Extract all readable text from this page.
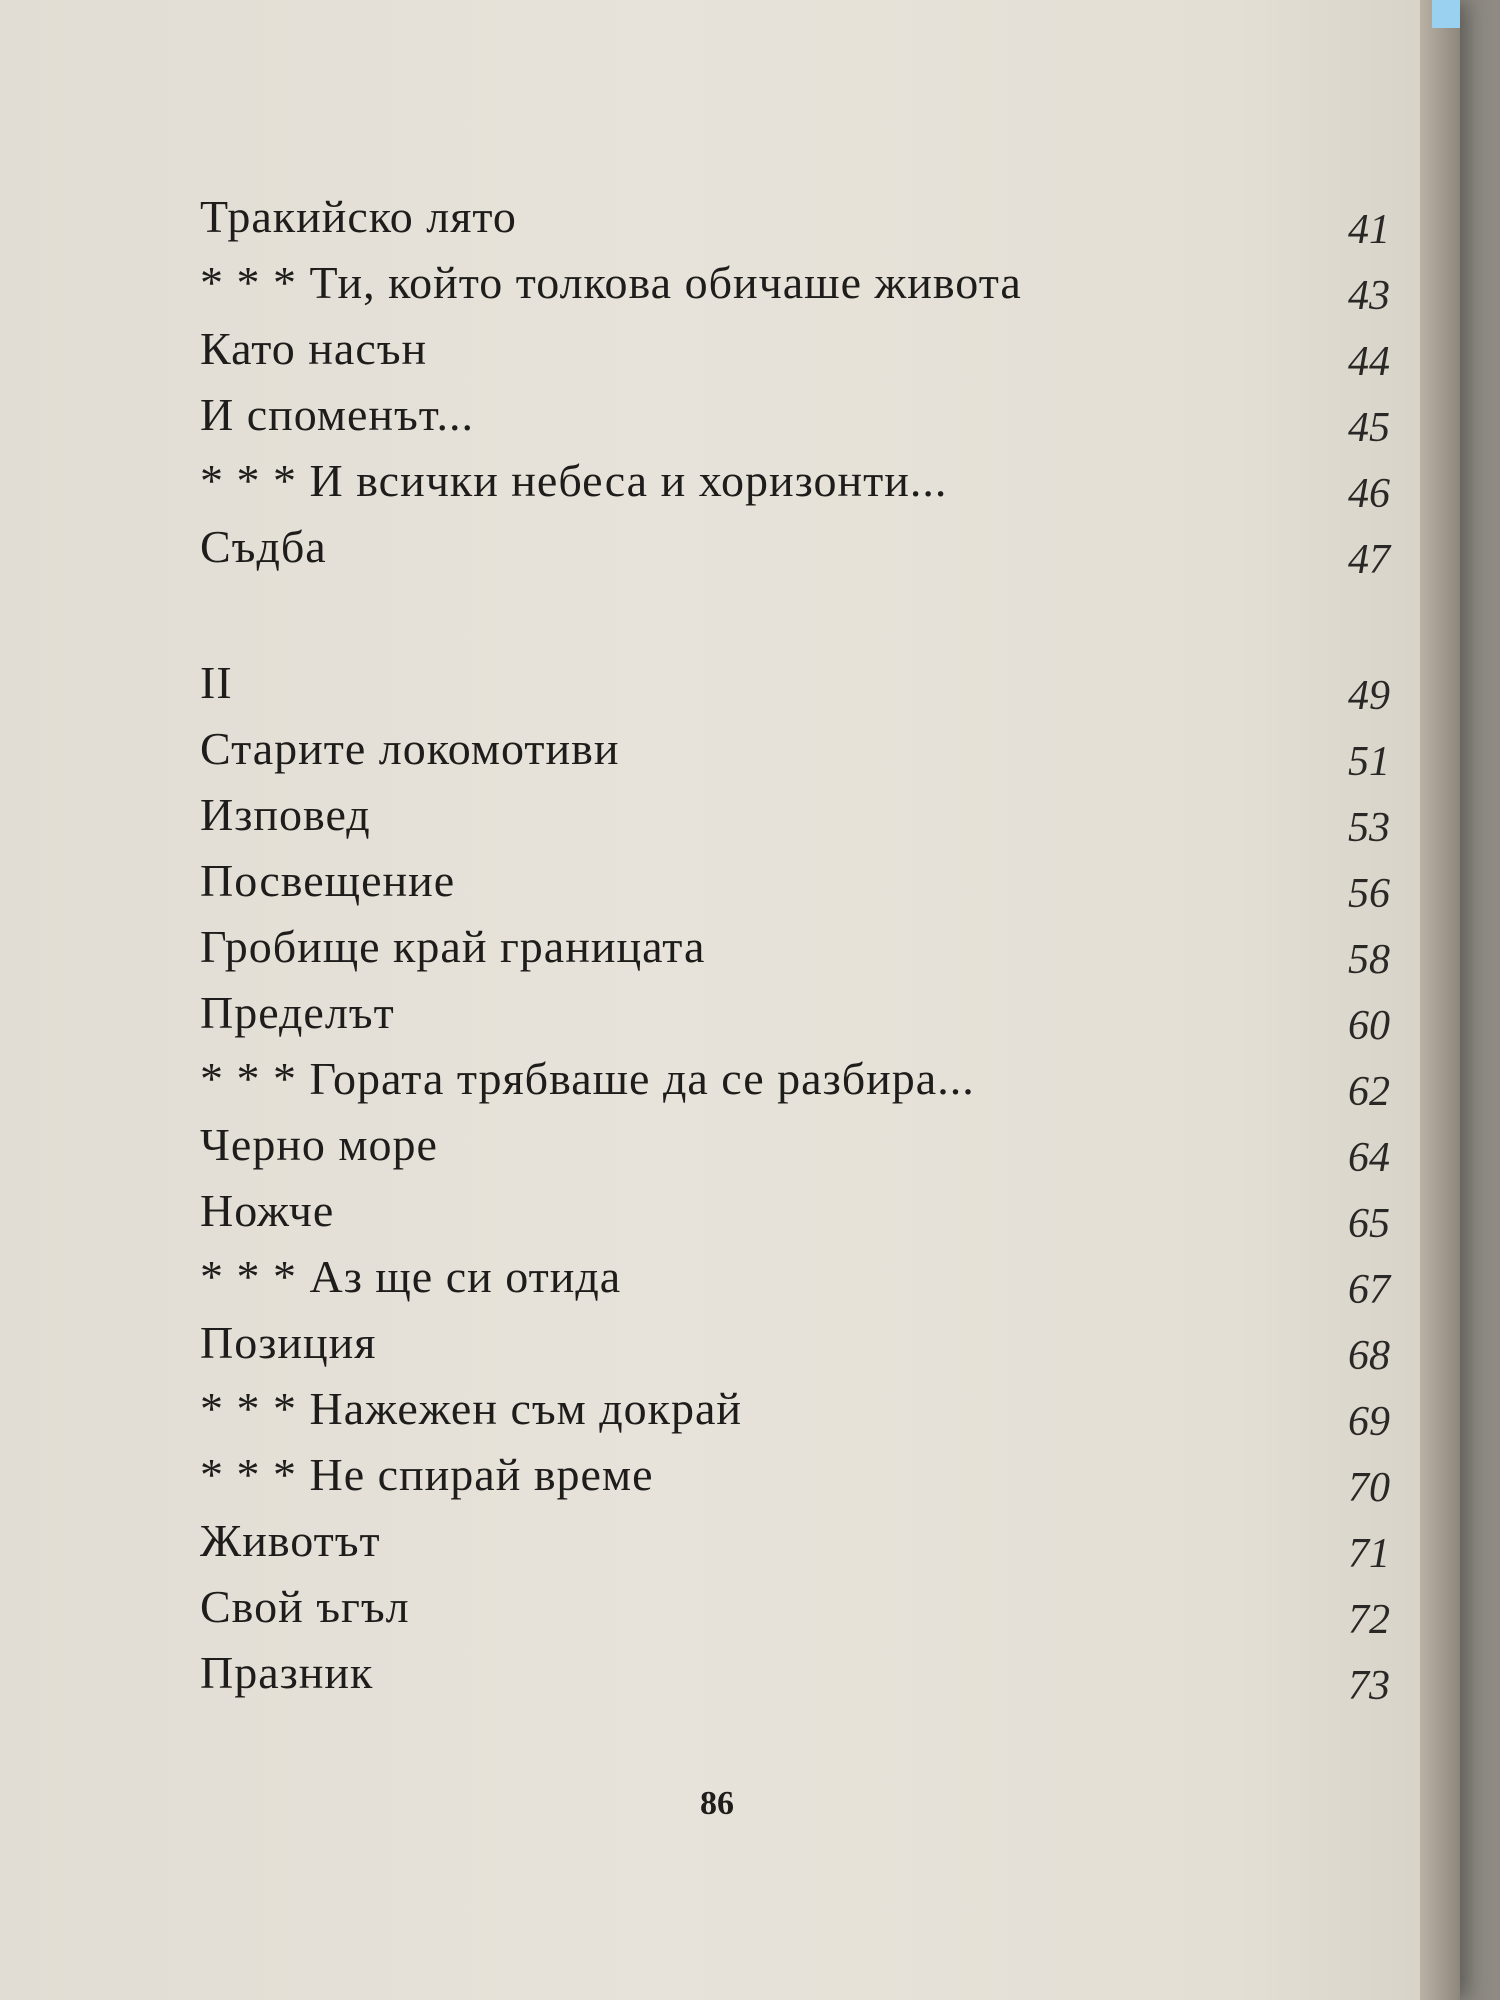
Тракийско лято	41
* * * Ти, който толкова обичаше живота	43
Като насън	44
И споменът...	45
* * * И всички небеса и хоризонти...	46
Съдба	47
II	49
Старите локомотиви	51
Изповед	53
Посвещение	56
Гробище край границата	58
Пределът	60
* * * Гората трябваше да се разбира...	62
Черно море	64
Ножче	65
* * * Аз ще си отида	67
Позиция	68
* * * Нажежен съм докрай	69
* * * Не спирай време	70
Животът	71
Свой ъгъл	72
Празник	73
86
